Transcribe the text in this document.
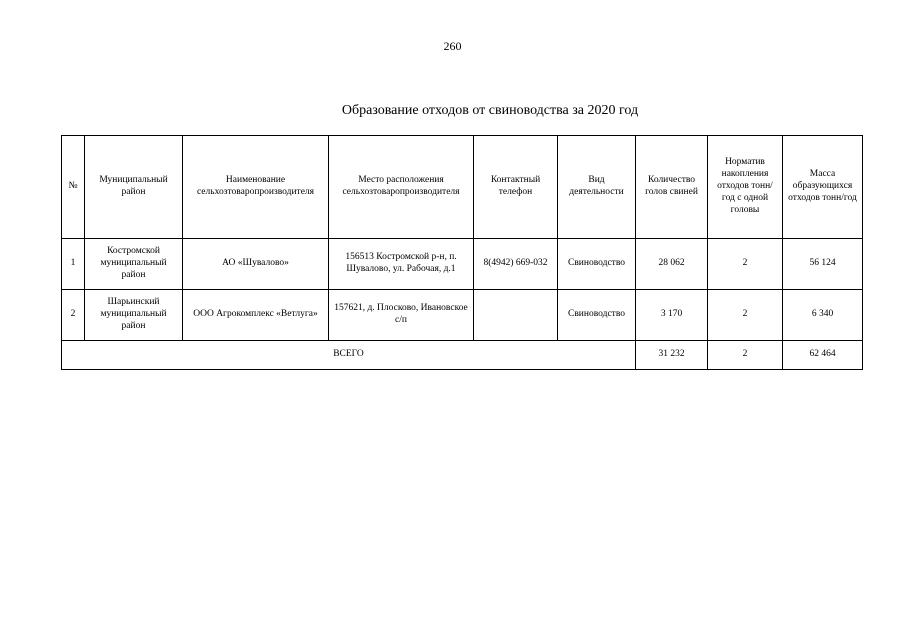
260
Образование отходов от свиноводства за 2020 год
№	Муниципальный район	Наименование сельхозтоваропроизводителя	Место расположения сельхозтоваропроизводителя	Контактный телефон	Вид деятельности	Количество голов свиней	Норматив накопления отходов тонн/год с одной головы	Масса образующихся отходов тонн/год
1	Костромской муниципальный район	АО «Шувалово»	156513 Костромской р-н, п. Шувалово, ул. Рабочая, д.1	8(4942) 669-032	Свиноводство	28 062	2	56 124
2	Шарьинский муниципальный район	ООО Агрокомплекс «Ветлуга»	157621, д. Плосково, Ивановское с/п		Свиноводство	3 170	2	6 340
ВСЕГО						31 232	2	62 464
